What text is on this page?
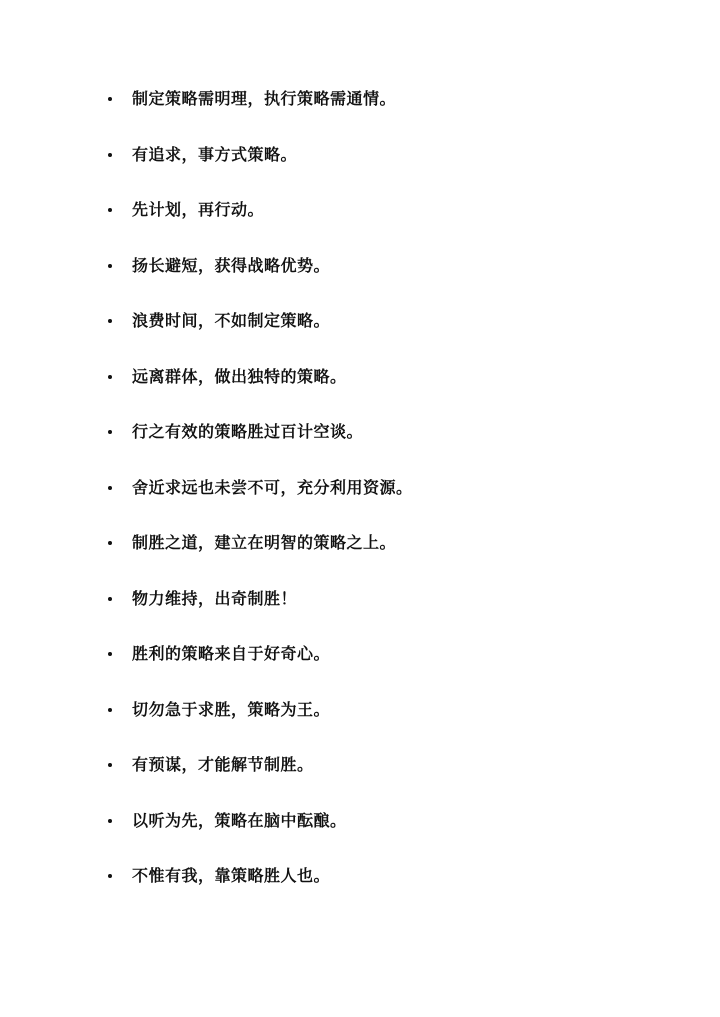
制定策略需明理，执行策略需通情。
有追求，事方式策略。
先计划，再行动。
扬长避短，获得战略优势。
浪费时间，不如制定策略。
远离群体，做出独特的策略。
行之有效的策略胜过百计空谈。
舍近求远也未尝不可，充分利用资源。
制胜之道，建立在明智的策略之上。
物力维持，出奇制胜！
胜利的策略来自于好奇心。
切勿急于求胜，策略为王。
有预谋，才能解节制胜。
以听为先，策略在脑中酝酿。
不惟有我，靠策略胜人也。
